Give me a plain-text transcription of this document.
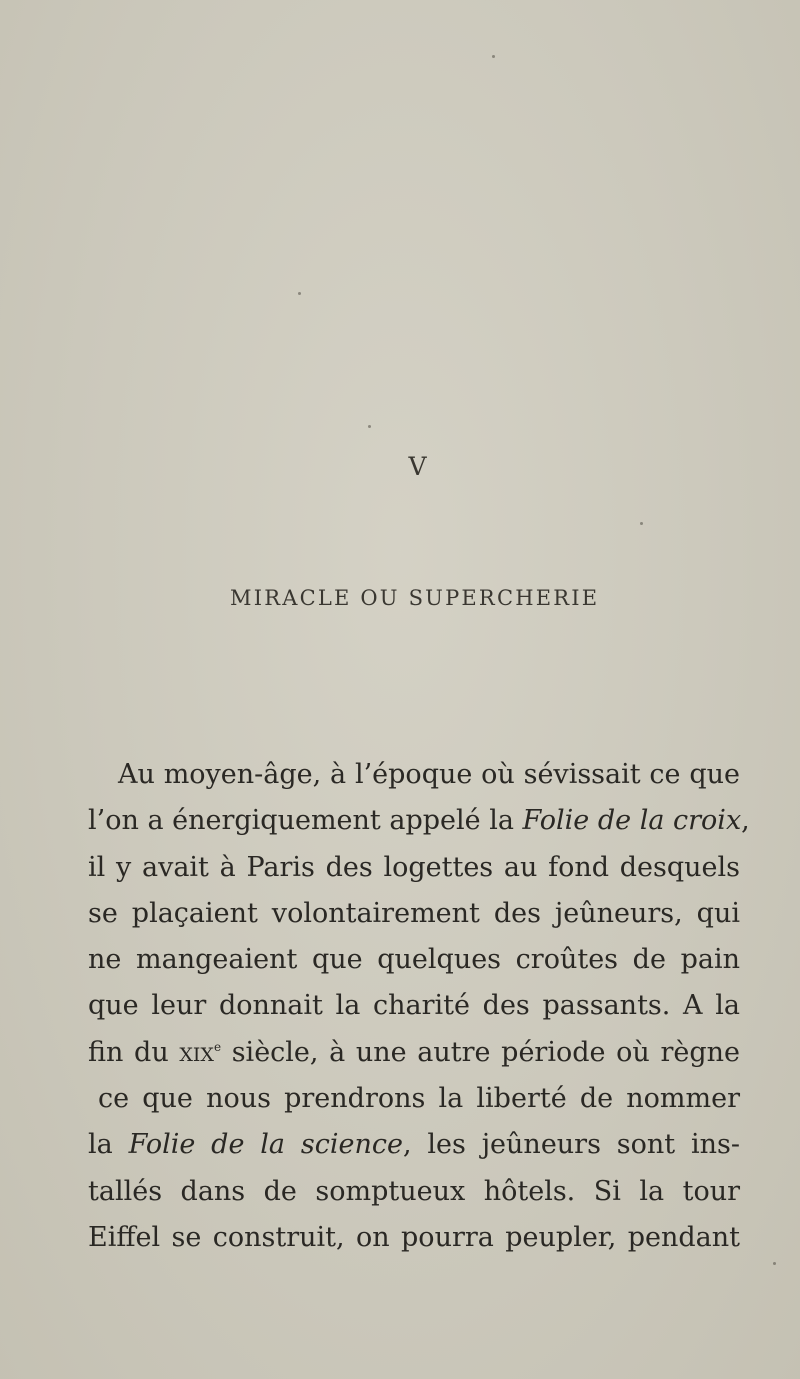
V
MIRACLE OU SUPERCHERIE
Au moyen-âge, à l’époque où sévissait ce que
l’on a énergiquement appelé la Folie de la croix,
il y avait à Paris des logettes au fond desquels
se plaçaient volontairement des jeûneurs, qui
ne mangeaient que quelques croûtes de pain
que leur donnait la charité des passants. A la
fin du xix$^e$ siècle, à une autre période où règne
ce que nous prendrons la liberté de nommer
la Folie de la science, les jeûneurs sont ins-
tallés dans de somptueux hôtels. Si la tour
Eiffel se construit, on pourra peupler, pendant
